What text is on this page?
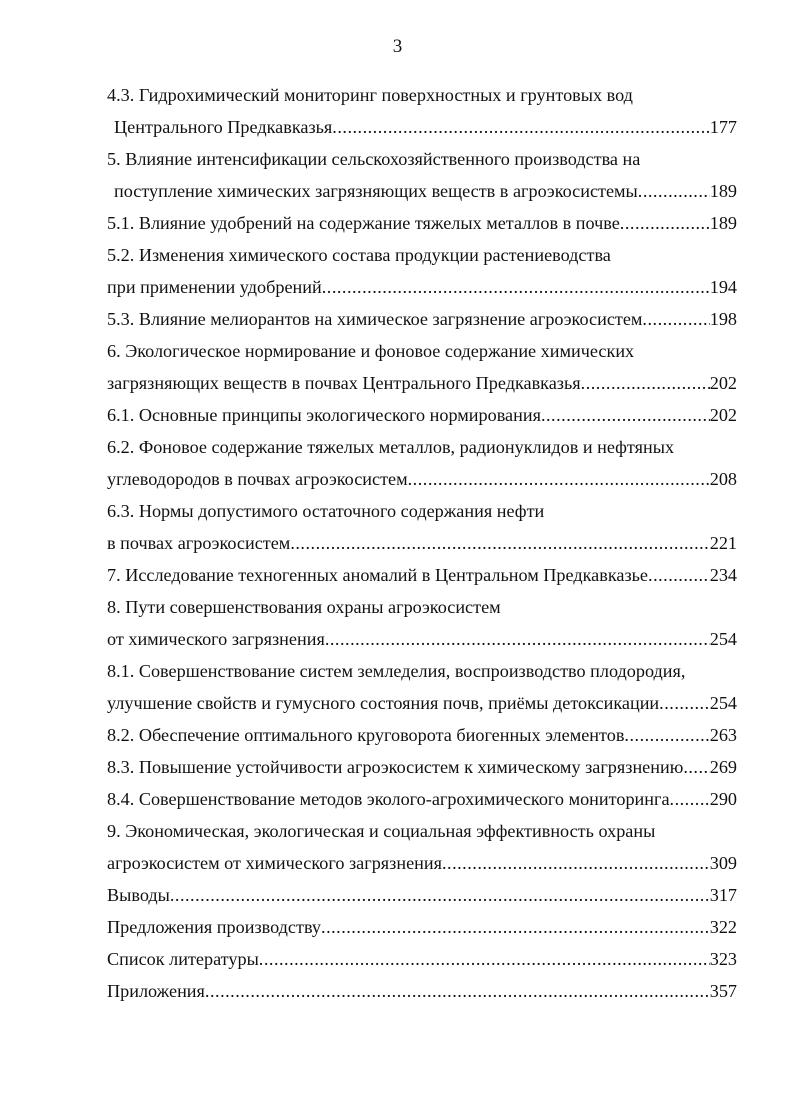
3
4.3. Гидрохимический мониторинг поверхностных и грунтовых вод
Центрального Предкавказья .....	177
5. Влияние интенсификации сельскохозяйственного производства на
поступление химических загрязняющих веществ в агроэкосистемы .....	189
5.1. Влияние удобрений на содержание тяжелых металлов в почве .....	189
5.2. Изменения химического состава продукции растениеводства
при применении удобрений .....	194
5.3. Влияние мелиорантов на химическое загрязнение агроэкосистем .....	198
6. Экологическое нормирование и фоновое содержание химических
загрязняющих веществ в почвах Центрального Предкавказья .....	202
6.1. Основные принципы экологического нормирования .....	202
6.2. Фоновое содержание тяжелых металлов, радионуклидов и нефтяных
углеводородов в почвах агроэкосистем .....	208
6.3. Нормы допустимого остаточного содержания нефти
в почвах агроэкосистем .....	221
7. Исследование техногенных аномалий в Центральном Предкавказье .....	234
8. Пути совершенствования охраны агроэкосистем
от химического загрязнения .....	254
8.1. Совершенствование систем земледелия, воспроизводство плодородия,
улучшение свойств и гумусного состояния почв, приёмы детоксикации .....	254
8.2. Обеспечение оптимального круговорота биогенных элементов .....	263
8.3. Повышение устойчивости агроэкосистем к химическому загрязнению ..... 269
8.4. Совершенствование методов эколого-агрохимического мониторинга ..... 290
9. Экономическая, экологическая и социальная эффективность охраны
агроэкосистем от химического загрязнения .....	309
Выводы .....	317
Предложения производству .....	322
Список литературы .....	323
Приложения .....	357
